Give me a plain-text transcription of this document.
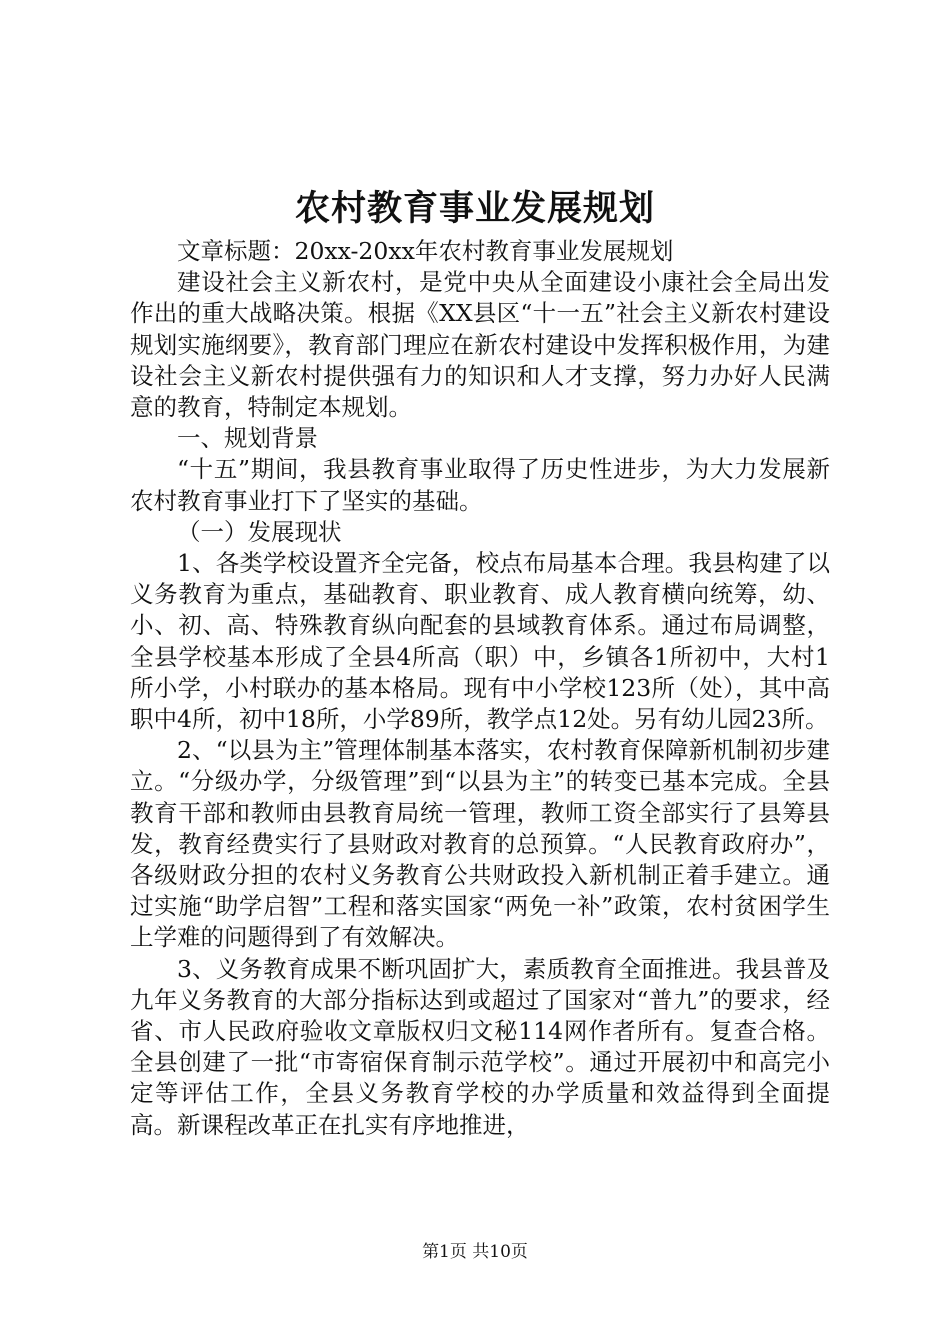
农村教育事业发展规划

文章标题：20xx-20xx年农村教育事业发展规划

建设社会主义新农村，是党中央从全面建设小康社会全局出发作出的重大战略决策。根据《XX县区“十一五”社会主义新农村建设规划实施纲要》，教育部门理应在新农村建设中发挥积极作用，为建设社会主义新农村提供强有力的知识和人才支撑，努力办好人民满意的教育，特制定本规划。

一、规划背景

“十五”期间，我县教育事业取得了历史性进步，为大力发展新农村教育事业打下了坚实的基础。

（一）发展现状

1、各类学校设置齐全完备，校点布局基本合理。我县构建了以义务教育为重点，基础教育、职业教育、成人教育横向统筹，幼、小、初、高、特殊教育纵向配套的县域教育体系。通过布局调整，全县学校基本形成了全县4所高（职）中，乡镇各1所初中，大村1所小学，小村联办的基本格局。现有中小学校123所（处），其中高职中4所，初中18所，小学89所，教学点12处。另有幼儿园23所。

2、“以县为主”管理体制基本落实，农村教育保障新机制初步建立。“分级办学，分级管理”到“以县为主”的转变已基本完成。全县教育干部和教师由县教育局统一管理，教师工资全部实行了县筹县发，教育经费实行了县财政对教育的总预算。“人民教育政府办”，各级财政分担的农村义务教育公共财政投入新机制正着手建立。通过实施“助学启智”工程和落实国家“两免一补”政策，农村贫困学生上学难的问题得到了有效解决。

3、义务教育成果不断巩固扩大，素质教育全面推进。我县普及九年义务教育的大部分指标达到或超过了国家对“普九”的要求，经省、市人民政府验收文章版权归文秘114网作者所有。复查合格。全县创建了一批“市寄宿保育制示范学校”。通过开展初中和高完小定等评估工作，全县义务教育学校的办学质量和效益得到全面提高。新课程改革正在扎实有序地推进，

第1页 共10页
